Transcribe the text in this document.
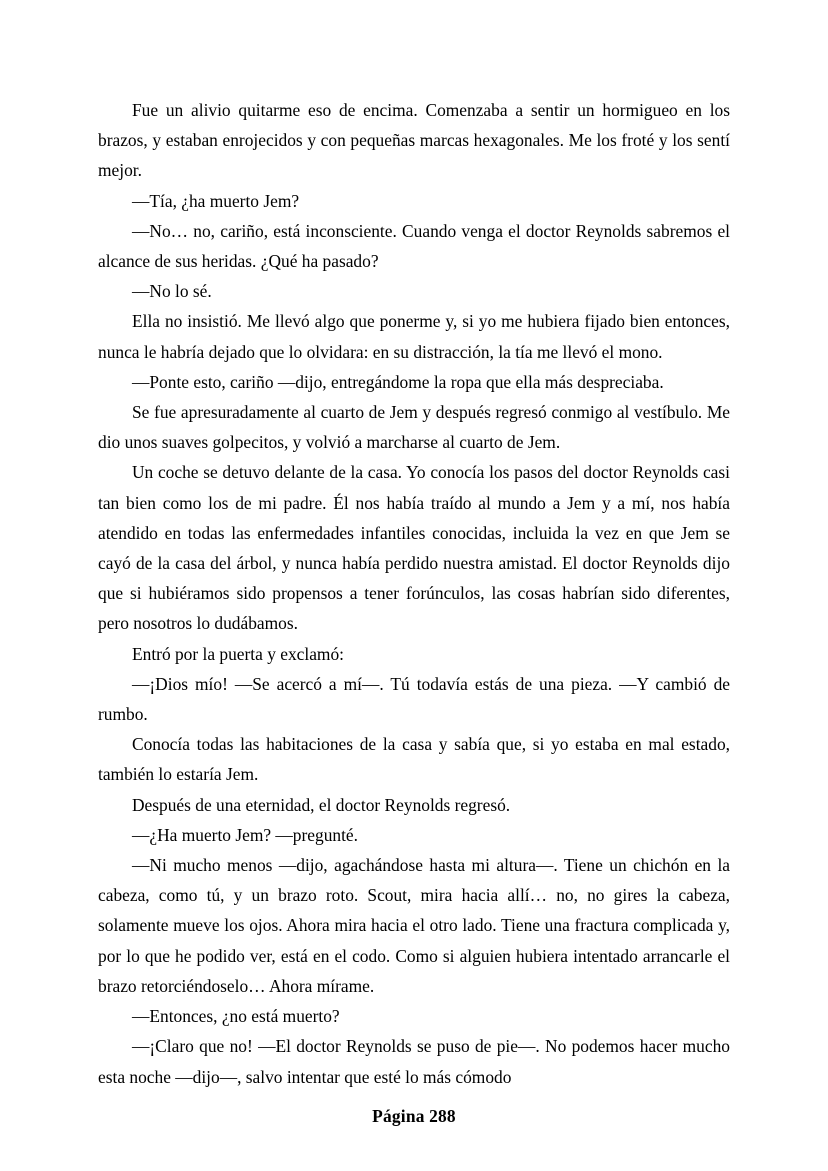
Fue un alivio quitarme eso de encima. Comenzaba a sentir un hormigueo en los brazos, y estaban enrojecidos y con pequeñas marcas hexagonales. Me los froté y los sentí mejor.

—Tía, ¿ha muerto Jem?

—No… no, cariño, está inconsciente. Cuando venga el doctor Reynolds sabremos el alcance de sus heridas. ¿Qué ha pasado?

—No lo sé.

Ella no insistió. Me llevó algo que ponerme y, si yo me hubiera fijado bien entonces, nunca le habría dejado que lo olvidara: en su distracción, la tía me llevó el mono.

—Ponte esto, cariño —dijo, entregándome la ropa que ella más despreciaba.

Se fue apresuradamente al cuarto de Jem y después regresó conmigo al vestíbulo. Me dio unos suaves golpecitos, y volvió a marcharse al cuarto de Jem.

Un coche se detuvo delante de la casa. Yo conocía los pasos del doctor Reynolds casi tan bien como los de mi padre. Él nos había traído al mundo a Jem y a mí, nos había atendido en todas las enfermedades infantiles conocidas, incluida la vez en que Jem se cayó de la casa del árbol, y nunca había perdido nuestra amistad. El doctor Reynolds dijo que si hubiéramos sido propensos a tener forúnculos, las cosas habrían sido diferentes, pero nosotros lo dudábamos.

Entró por la puerta y exclamó:

—¡Dios mío! —Se acercó a mí—. Tú todavía estás de una pieza. —Y cambió de rumbo.

Conocía todas las habitaciones de la casa y sabía que, si yo estaba en mal estado, también lo estaría Jem.

Después de una eternidad, el doctor Reynolds regresó.

—¿Ha muerto Jem? —pregunté.

—Ni mucho menos —dijo, agachándose hasta mi altura—. Tiene un chichón en la cabeza, como tú, y un brazo roto. Scout, mira hacia allí… no, no gires la cabeza, solamente mueve los ojos. Ahora mira hacia el otro lado. Tiene una fractura complicada y, por lo que he podido ver, está en el codo. Como si alguien hubiera intentado arrancarle el brazo retorciéndoselo… Ahora mírame.

—Entonces, ¿no está muerto?

—¡Claro que no! —El doctor Reynolds se puso de pie—. No podemos hacer mucho esta noche —dijo—, salvo intentar que esté lo más cómodo

Página 288
